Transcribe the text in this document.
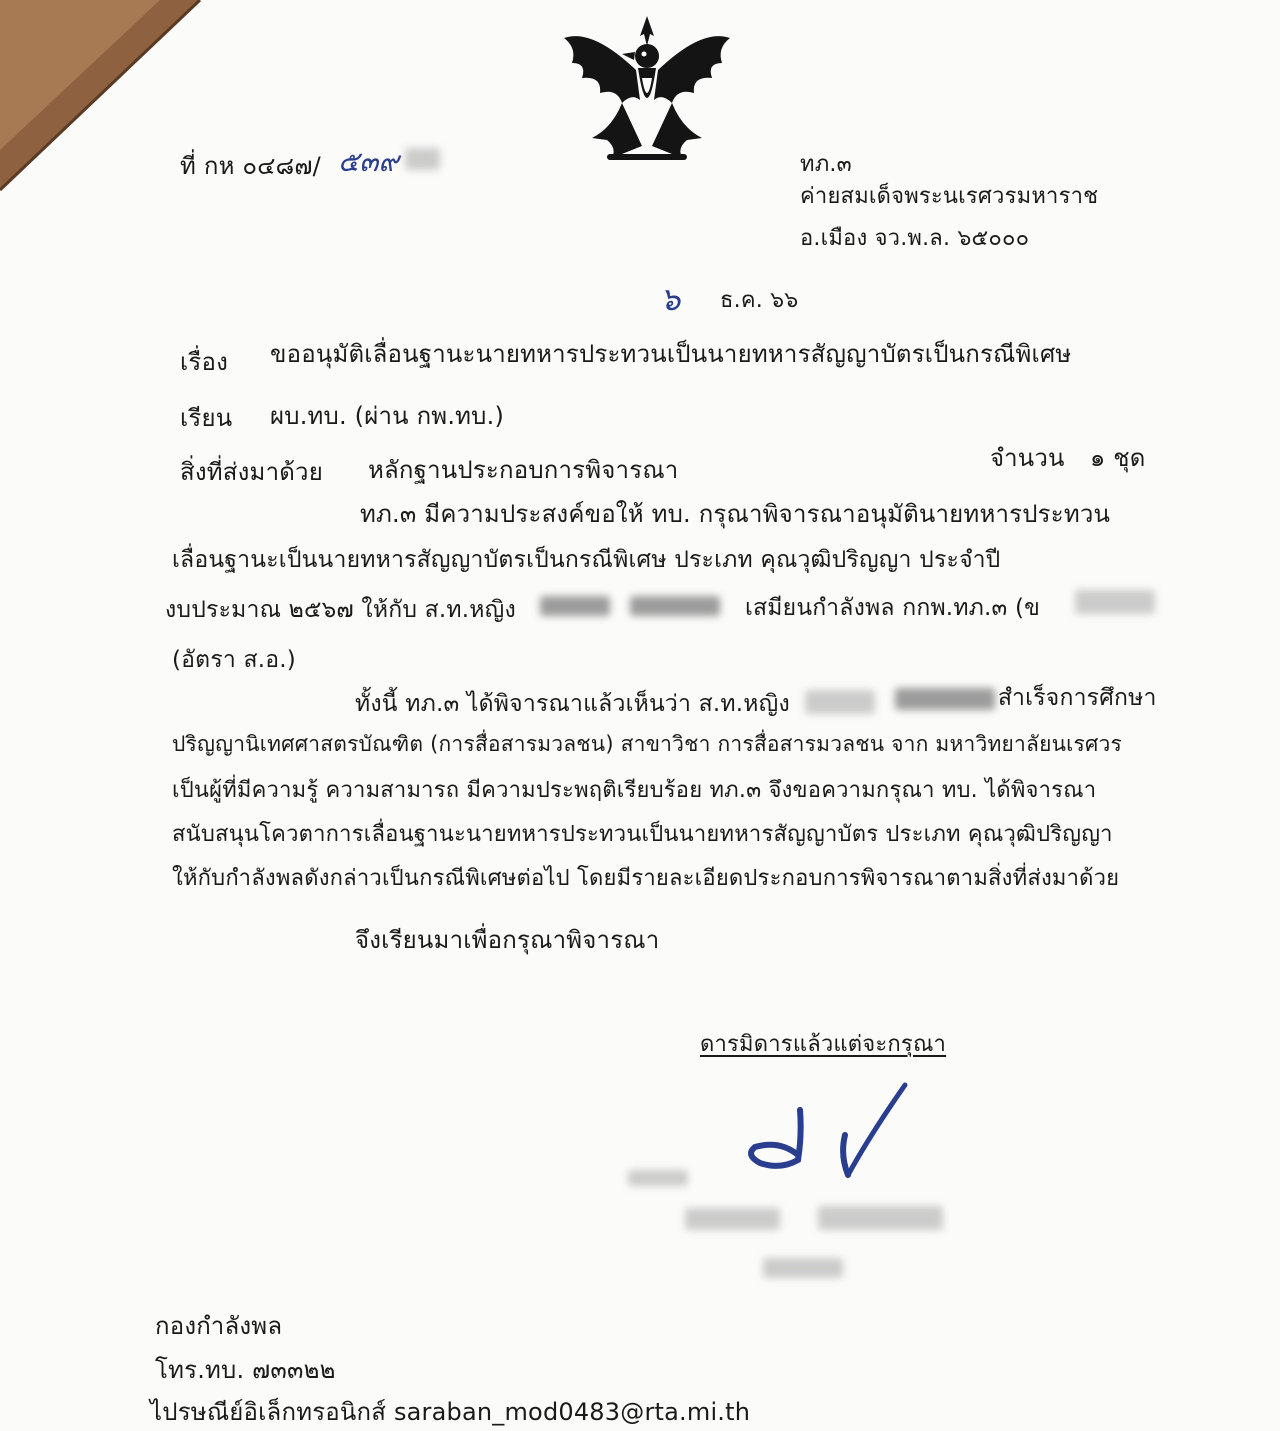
ที่ กห ๐๔๘๗/ ๕๓๙	ทภ.๓
ค่ายสมเด็จพระนเรศวรมหาราช
อ.เมือง จว.พ.ล. ๖๕๐๐๐
๖ ธ.ค. ๖๖
เรื่อง ขออนุมัติเลื่อนฐานะนายทหารประทวนเป็นนายทหารสัญญาบัตรเป็นกรณีพิเศษ
เรียน ผบ.ทบ. (ผ่าน กพ.ทบ.)
สิ่งที่ส่งมาด้วย หลักฐานประกอบการพิจารณา	จำนวน ๑ ชุด
ทภ.๓ มีความประสงค์ขอให้ ทบ. กรุณาพิจารณาอนุมัตินายทหารประทวน
เลื่อนฐานะเป็นนายทหารสัญญาบัตรเป็นกรณีพิเศษ ประเภท คุณวุฒิปริญญา ประจำปี
งบประมาณ ๒๕๖๗ ให้กับ ส.ท.หญิง	เสมียนกำลังพล กกพ.ทภ.๓ (ข
(อัตรา ส.อ.)
ทั้งนี้ ทภ.๓ ได้พิจารณาแล้วเห็นว่า ส.ท.หญิง	สำเร็จการศึกษา
ปริญญานิเทศศาสตรบัณฑิต (การสื่อสารมวลชน) สาขาวิชา การสื่อสารมวลชน จาก มหาวิทยาลัยนเรศวร
เป็นผู้ที่มีความรู้ ความสามารถ มีความประพฤติเรียบร้อย ทภ.๓ จึงขอความกรุณา ทบ. ได้พิจารณา
สนับสนุนโควตาการเลื่อนฐานะนายทหารประทวนเป็นนายทหารสัญญาบัตร ประเภท คุณวุฒิปริญญา
ให้กับกำลังพลดังกล่าวเป็นกรณีพิเศษต่อไป โดยมีรายละเอียดประกอบการพิจารณาตามสิ่งที่ส่งมาด้วย
จึงเรียนมาเพื่อกรุณาพิจารณา
ดารมิดารแล้วแต่จะกรุณา
กองกำลังพล
โทร.ทบ. ๗๓๓๒๒
ไปรษณีย์อิเล็กทรอนิกส์ saraban_mod0483@rta.mi.th
